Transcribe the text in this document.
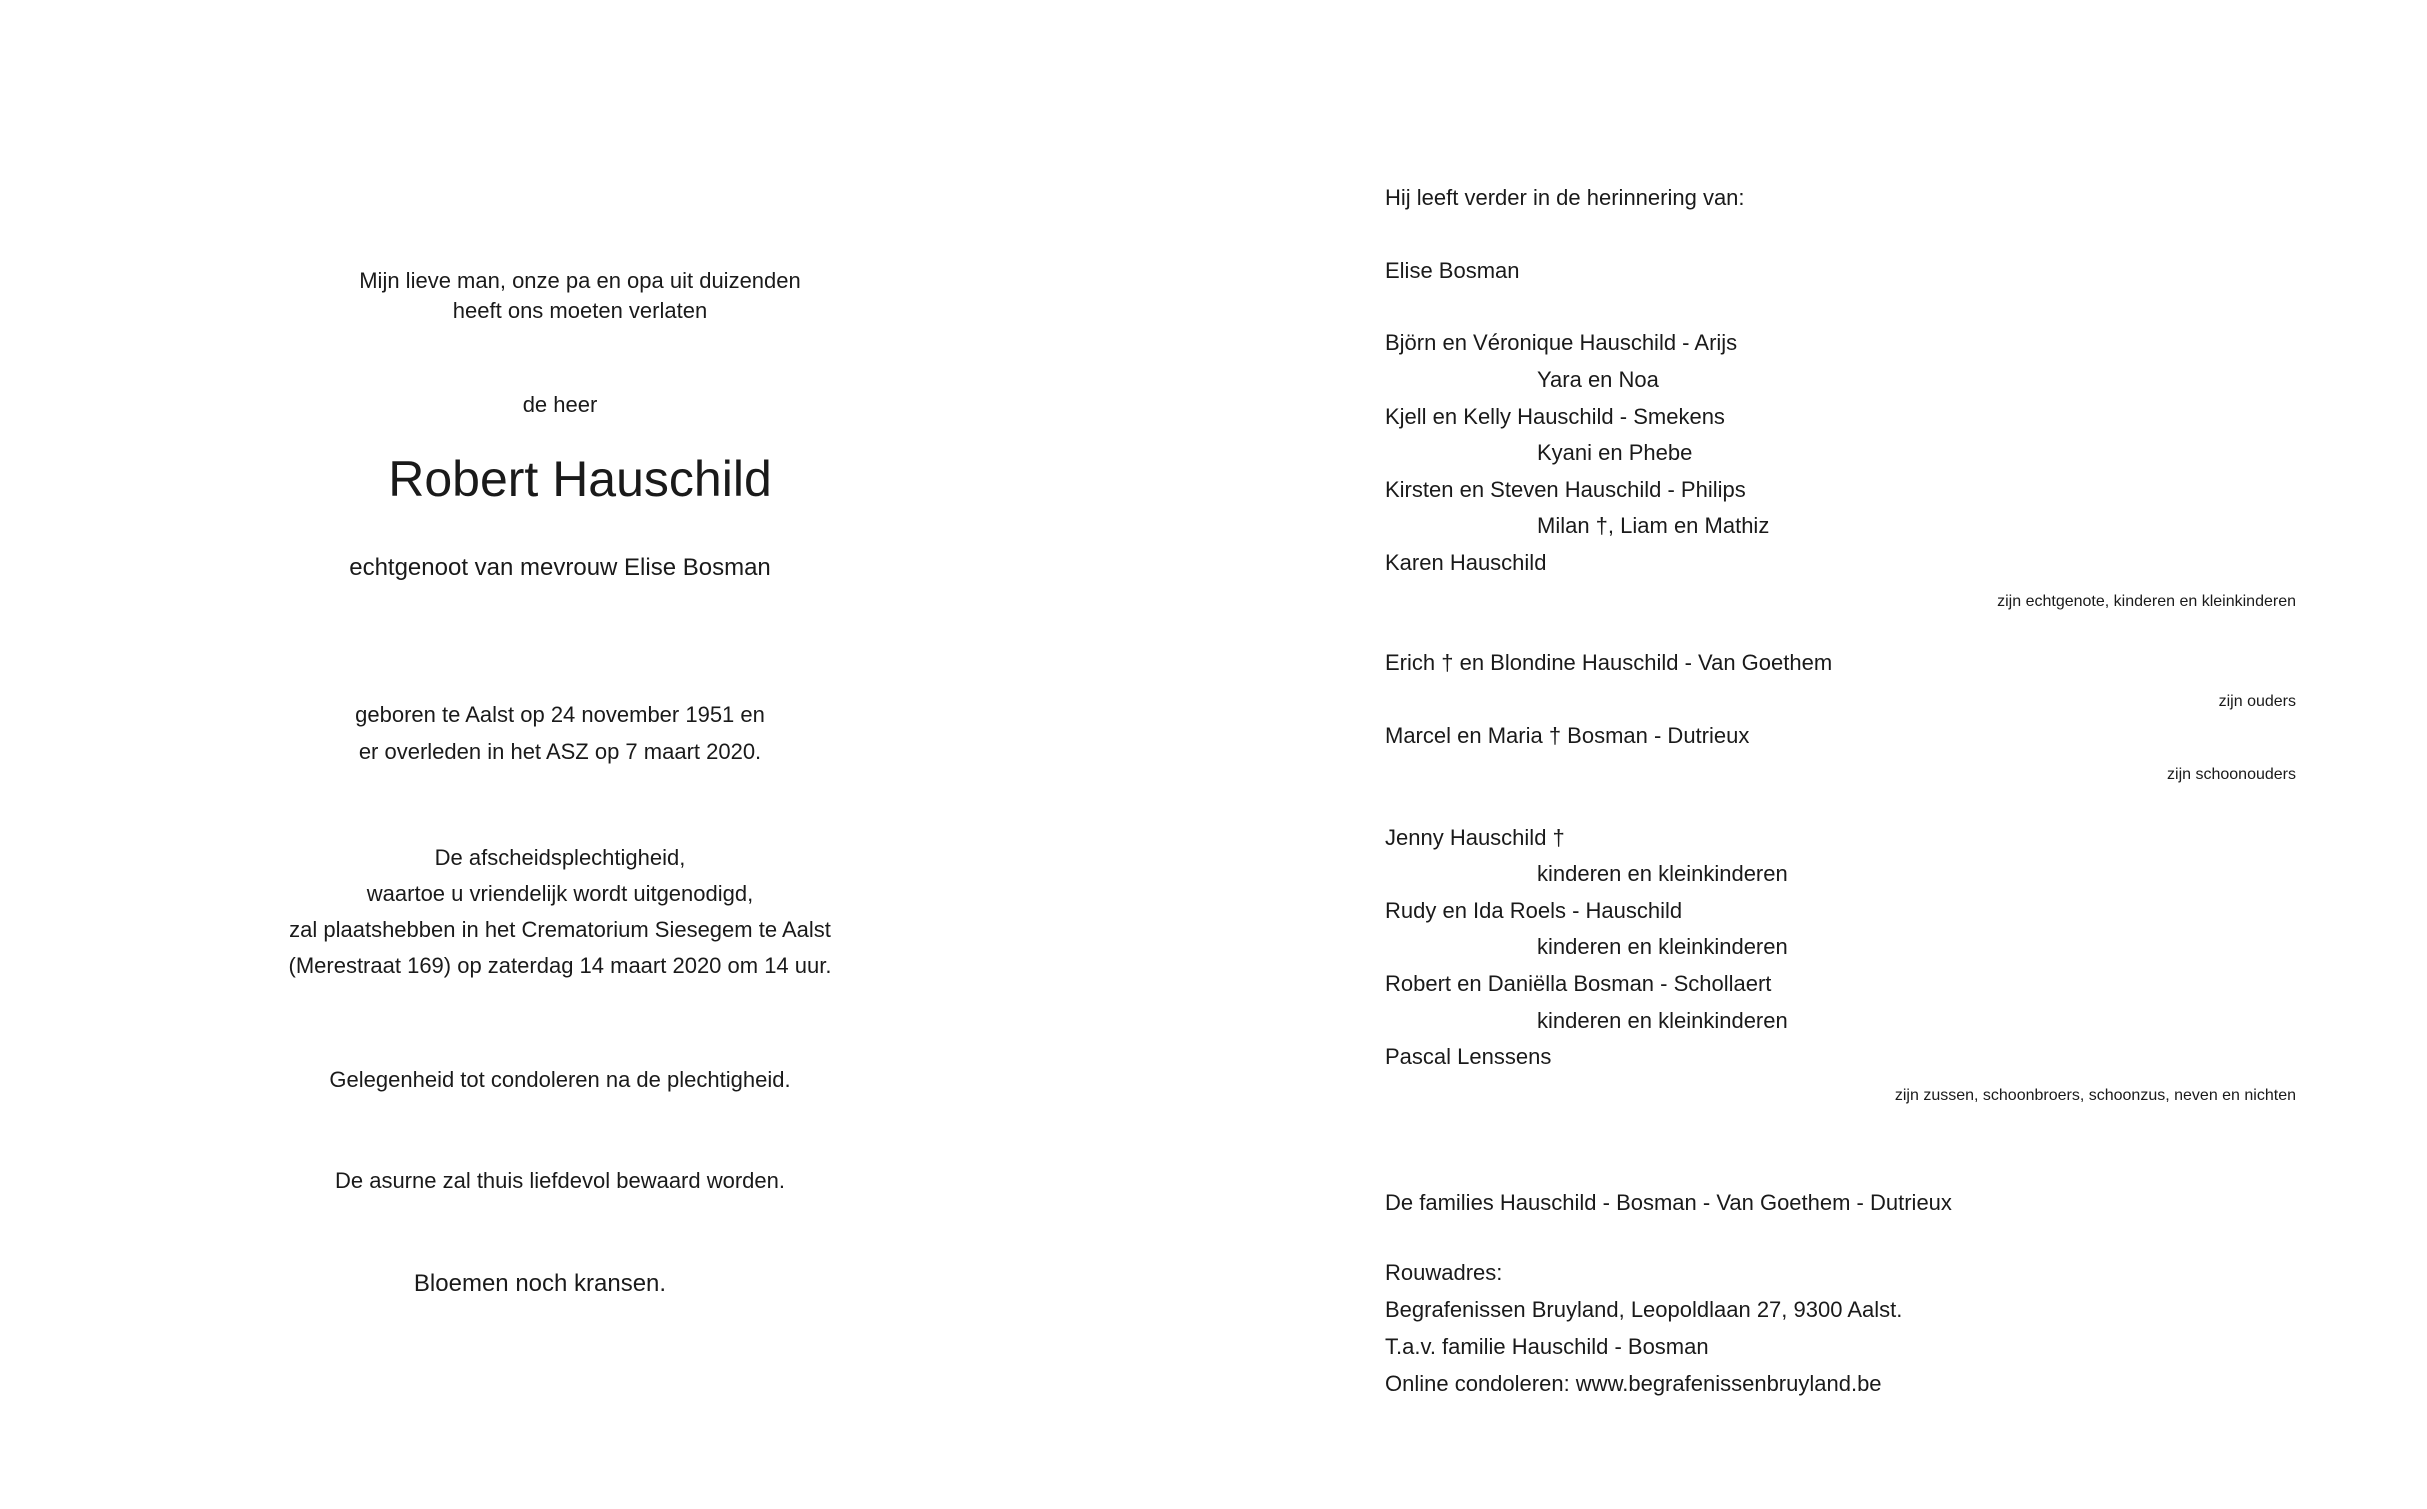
Mijn lieve man, onze pa en opa uit duizenden
heeft ons moeten verlaten
de heer
Robert Hauschild
echtgenoot van mevrouw Elise Bosman
geboren te Aalst op 24 november 1951 en
er overleden in het ASZ op 7 maart 2020.
De afscheidsplechtigheid,
waartoe u vriendelijk wordt uitgenodigd,
zal plaatshebben in het Crematorium Siesegem te Aalst
(Merestraat 169) op zaterdag 14 maart 2020 om 14 uur.
Gelegenheid tot condoleren na de plechtigheid.
De asurne zal thuis liefdevol bewaard worden.
Bloemen noch kransen.
Hij leeft verder in de herinnering van:
Elise Bosman
Björn en Véronique Hauschild - Arijs
Yara en Noa
Kjell en Kelly Hauschild - Smekens
Kyani en Phebe
Kirsten en Steven Hauschild - Philips
Milan †, Liam en Mathiz
Karen Hauschild
zijn echtgenote, kinderen en kleinkinderen
Erich † en Blondine Hauschild - Van Goethem
zijn ouders
Marcel en Maria † Bosman - Dutrieux
zijn schoonouders
Jenny Hauschild †
kinderen en kleinkinderen
Rudy en Ida Roels - Hauschild
kinderen en kleinkinderen
Robert en Daniëlla Bosman - Schollaert
kinderen en kleinkinderen
Pascal Lenssens
zijn zussen, schoonbroers, schoonzus, neven en nichten
De families Hauschild - Bosman - Van Goethem - Dutrieux
Rouwadres:
Begrafenissen Bruyland, Leopoldlaan 27, 9300 Aalst.
T.a.v. familie Hauschild - Bosman
Online condoleren: www.begrafenissenbruyland.be
